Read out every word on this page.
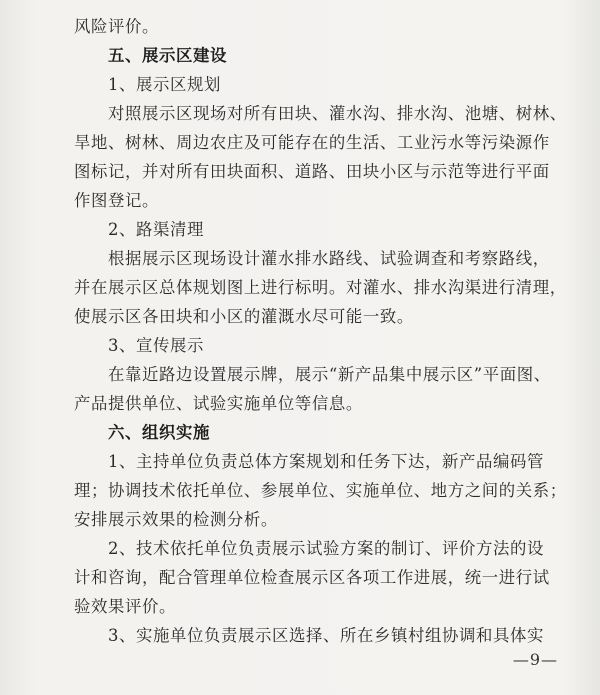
风险评价。
五、展示区建设
1、展示区规划
对照展示区现场对所有田块、灌水沟、排水沟、池塘、树林、
旱地、树林、周边农庄及可能存在的生活、工业污水等污染源作
图标记，并对所有田块面积、道路、田块小区与示范等进行平面
作图登记。
2、路渠清理
根据展示区现场设计灌水排水路线、试验调查和考察路线，
并在展示区总体规划图上进行标明。对灌水、排水沟渠进行清理，
使展示区各田块和小区的灌溉水尽可能一致。
3、宣传展示
在靠近路边设置展示牌，展示“新产品集中展示区”平面图、
产品提供单位、试验实施单位等信息。
六、组织实施
1、主持单位负责总体方案规划和任务下达，新产品编码管
理；协调技术依托单位、参展单位、实施单位、地方之间的关系；
安排展示效果的检测分析。
2、技术依托单位负责展示试验方案的制订、评价方法的设
计和咨询，配合管理单位检查展示区各项工作进展，统一进行试
验效果评价。
3、实施单位负责展示区选择、所在乡镇村组协调和具体实
—9—
